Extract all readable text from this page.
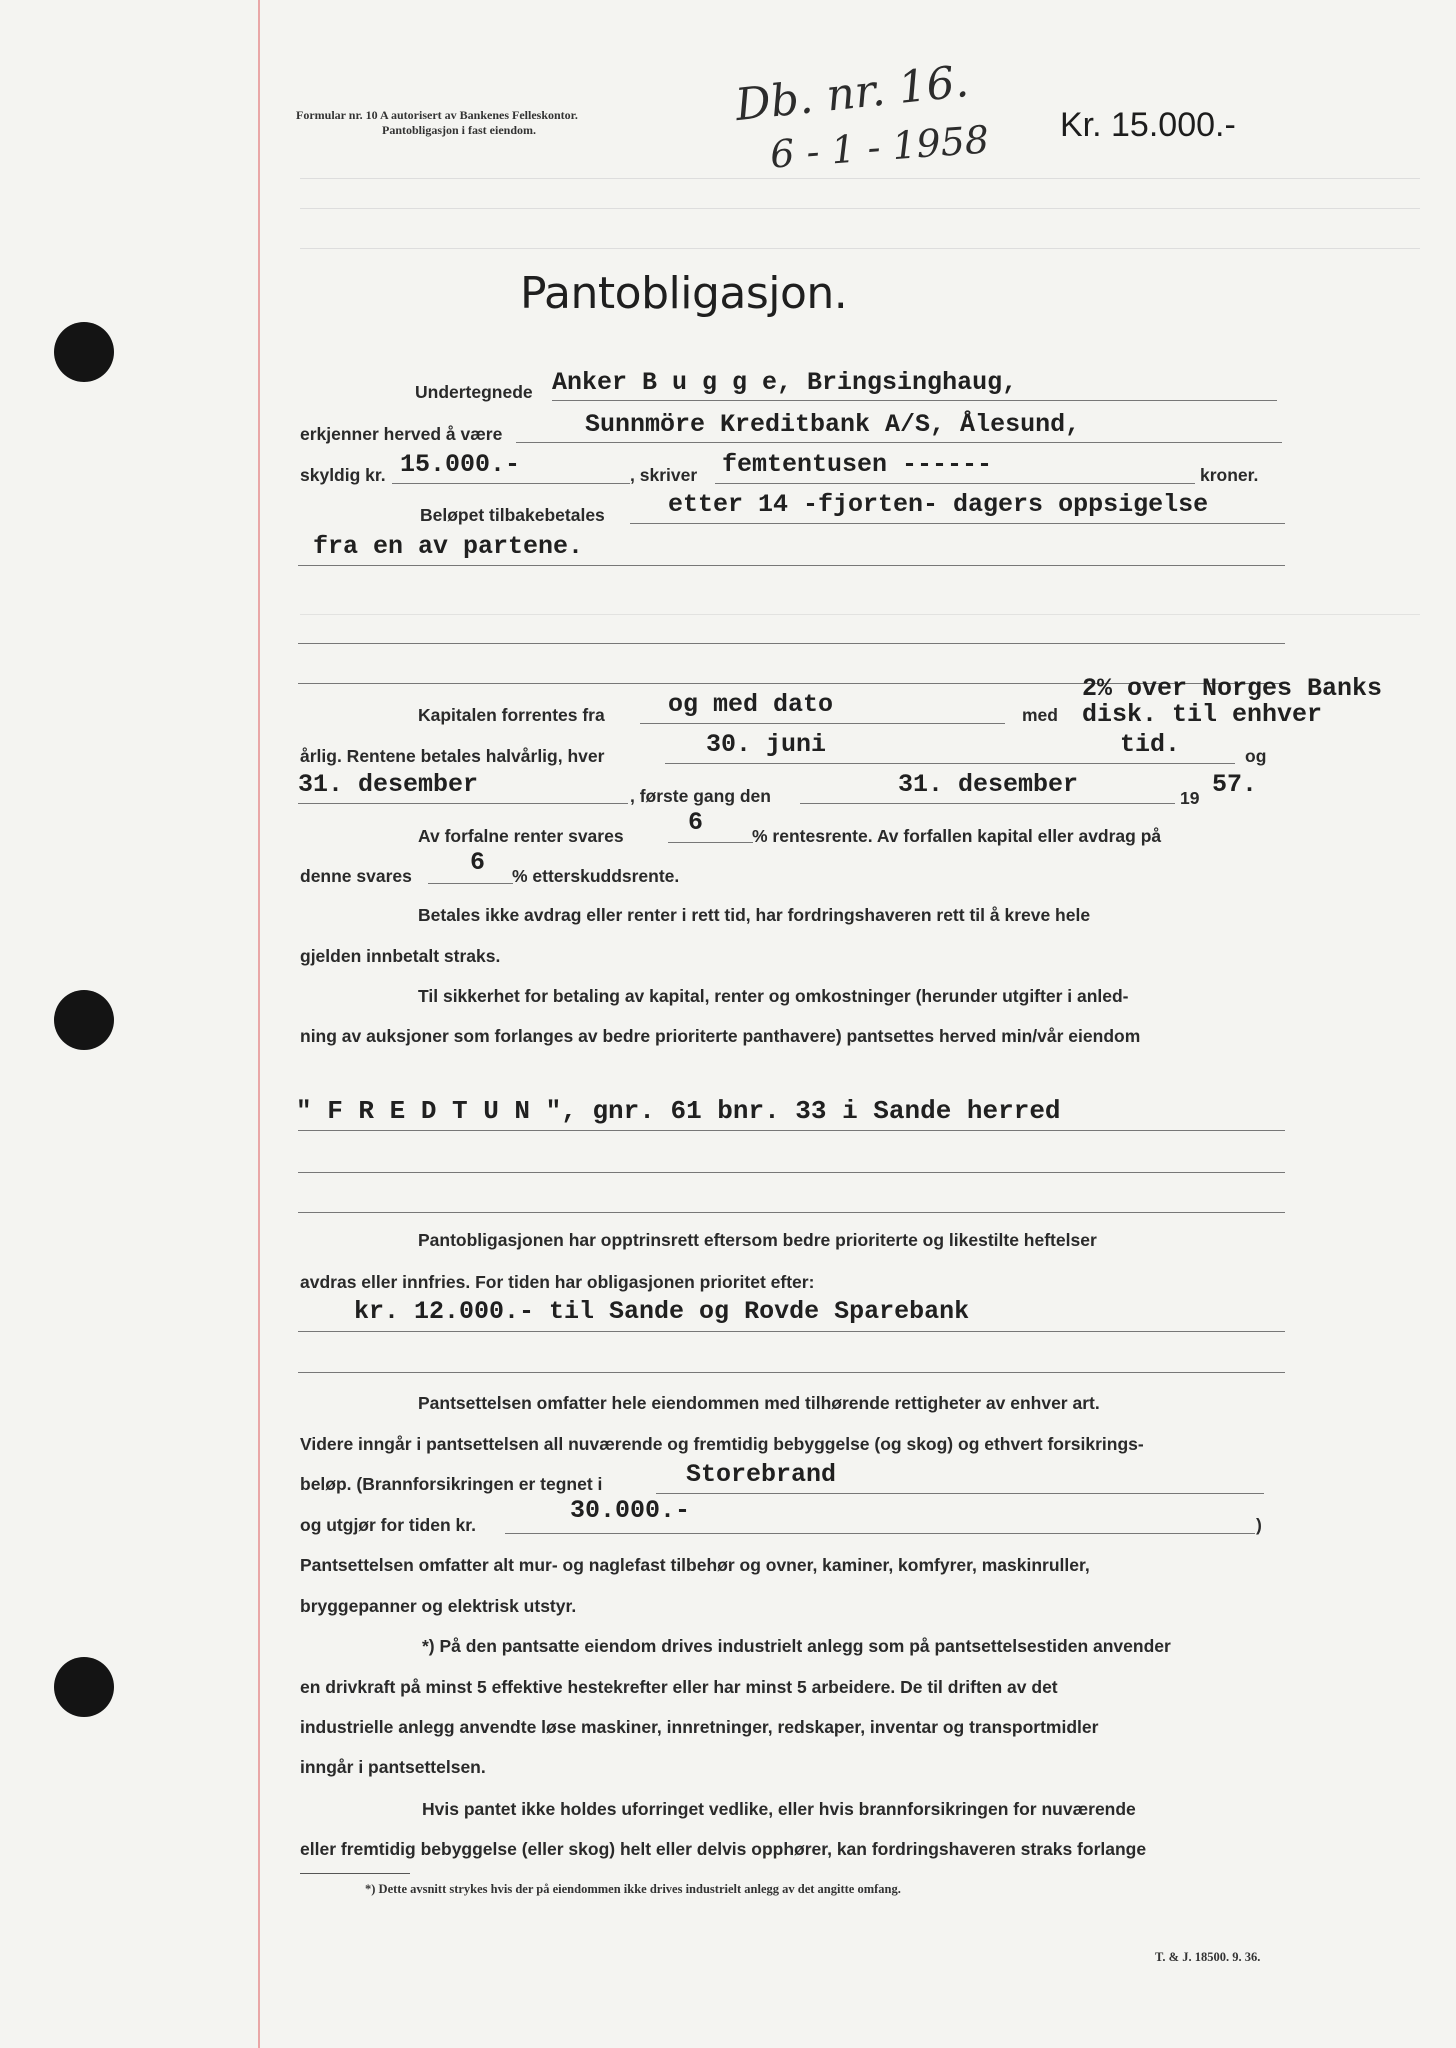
Formular nr. 10 A autorisert av Bankenes Felleskontor.
Pantobligasjon i fast eiendom.	Db. nr. 16.
6 - 1 - 1958 Kr. 15.000.-
Pantobligasjon.
Undertegnede Anker B u g g e, Bringsinghaug,
erkjenner herved å være	Sunnmöre Kreditbank A/S, Ålesund,
skyldig kr. 15.000.-	, skriver femtentusen ------	kroner.
Beløpet tilbakebetales	etter 14 -fjorten- dagers oppsigelse
fra en av partene.
Kapitalen forrentes fra	og med dato	med
2% over Norges Banks
disk. til enhver
tid.
årlig. Rentene betales halvårlig, hver	30. juni	og
31. desember	, første gang den	31. desember	19 57.
Av forfalne renter svares	6	% rentesrente. Av forfallen kapital eller avdrag på
denne svares 6 % etterskuddsrente.
Betales ikke avdrag eller renter i rett tid, har fordringshaveren rett til å kreve hele
gjelden innbetalt straks.
Til sikkerhet for betaling av kapital, renter og omkostninger (herunder utgifter i anled-
ning av auksjoner som forlanges av bedre prioriterte panthavere) pantsettes herved min/vår eiendom
" F R E D T U N ", gnr. 61 bnr. 33 i Sande herred
Pantobligasjonen har opptrinsrett eftersom bedre prioriterte og likestilte heftelser
avdras eller innfries. For tiden har obligasjonen prioritet efter:
kr. 12.000.- til Sande og Rovde Sparebank
Pantsettelsen omfatter hele eiendommen med tilhørende rettigheter av enhver art.
Videre inngår i pantsettelsen all nuværende og fremtidig bebyggelse (og skog) og ethvert forsikrings-
beløp. (Brannforsikringen er tegnet i	Storebrand
30.000.-
og utgjør for tiden kr.	)
Pantsettelsen omfatter alt mur- og naglefast tilbehør og ovner, kaminer, komfyrer, maskinruller,
bryggepanner og elektrisk utstyr.
*) På den pantsatte eiendom drives industrielt anlegg som på pantsettelsestiden anvender
en drivkraft på minst 5 effektive hestekrefter eller har minst 5 arbeidere. De til driften av det
industrielle anlegg anvendte løse maskiner, innretninger, redskaper, inventar og transportmidler
inngår i pantsettelsen.
Hvis pantet ikke holdes uforringet vedlike, eller hvis brannforsikringen for nuværende
eller fremtidig bebyggelse (eller skog) helt eller delvis opphører, kan fordringshaveren straks forlange
*) Dette avsnitt strykes hvis der på eiendommen ikke drives industrielt anlegg av det angitte omfang.
T. & J. 18500. 9. 36.
